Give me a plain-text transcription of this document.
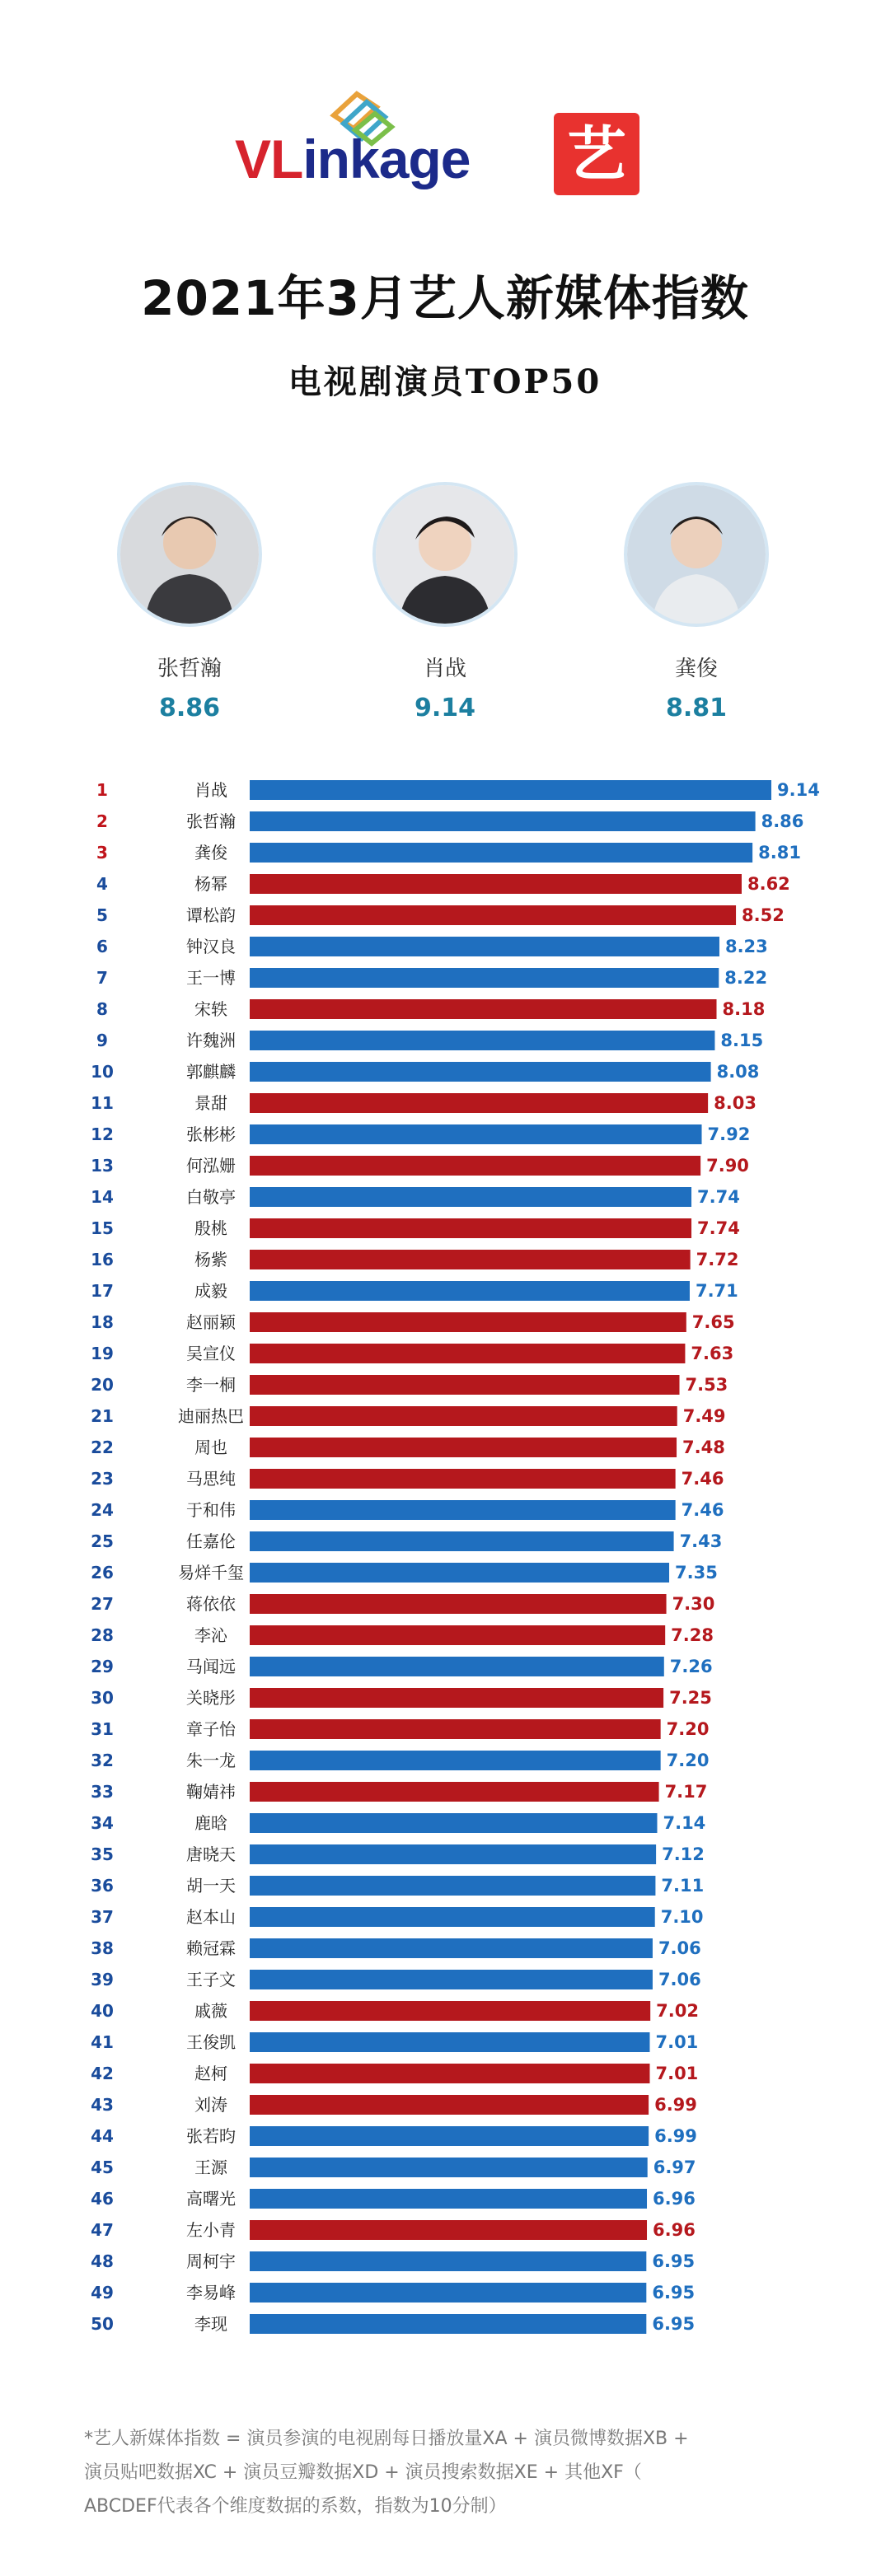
VLinkage 艺
2021年3月艺人新媒体指数
电视剧演员TOP50
张哲瀚
8.86
肖战
9.14
龚俊
8.81
1	肖战	9.14
2	张哲瀚	8.86
3	龚俊	8.81
4	杨幂	8.62
5	谭松韵	8.52
6	钟汉良	8.23
7	王一博	8.22
8	宋轶	8.18
9	许魏洲	8.15
10	郭麒麟	8.08
11	景甜	8.03
12	张彬彬	7.92
13	何泓姗	7.90
14	白敬亭	7.74
15	殷桃	7.74
16	杨紫	7.72
17	成毅	7.71
18	赵丽颖	7.65
19	吴宣仪	7.63
20	李一桐	7.53
21	迪丽热巴	7.49
22	周也	7.48
23	马思纯	7.46
24	于和伟	7.46
25	任嘉伦	7.43
26	易烊千玺	7.35
27	蒋依依	7.30
28	李沁	7.28
29	马闻远	7.26
30	关晓彤	7.25
31	章子怡	7.20
32	朱一龙	7.20
33	鞠婧祎	7.17
34	鹿晗	7.14
35	唐晓天	7.12
36	胡一天	7.11
37	赵本山	7.10
38	赖冠霖	7.06
39	王子文	7.06
40	戚薇	7.02
41	王俊凯	7.01
42	赵柯	7.01
43	刘涛	6.99
44	张若昀	6.99
45	王源	6.97
46	高曙光	6.96
47	左小青	6.96
48	周柯宇	6.95
49	李易峰	6.95
50	李现	6.95
*艺人新媒体指数 = 演员参演的电视剧每日播放量XA + 演员微博数据XB +
演员贴吧数据XC + 演员豆瓣数据XD + 演员搜索数据XE + 其他XF（
ABCDEF代表各个维度数据的系数，指数为10分制）
